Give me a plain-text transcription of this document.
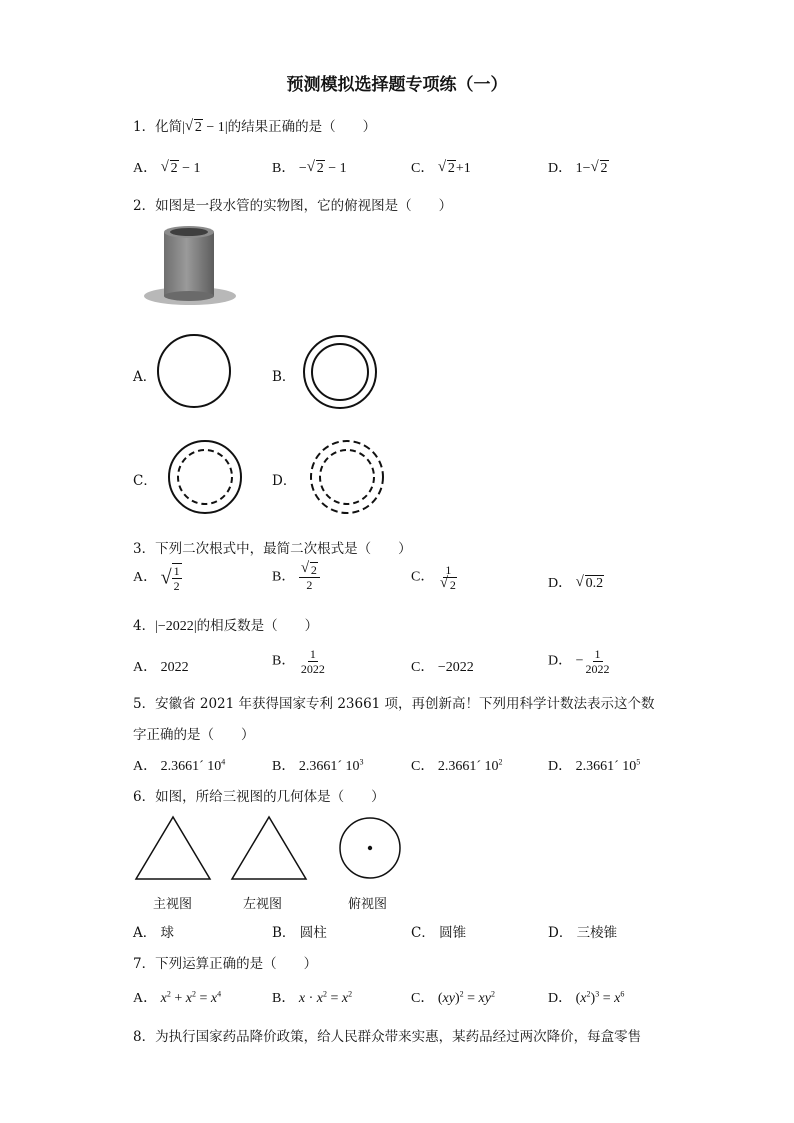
预测模拟选择题专项练（一）
1．化简| √ 2 − 1|的结果正确的是（　　）
A． √ 2 − 1	B． − √ 2 − 1	C． √ 2+1	D． 1− √ 2
2．如图是一段水管的实物图，它的俯视图是（　　）
A．	B．
C．	D．
3．下列二次根式中，最简二次根式是（　　）
A． √ $\frac{1}{2}$	B． √ $\frac{2}{2}$	C． 1
√ 2	D． √ 0.2
4．|−2022|的相反数是（　　）
A． 2022	B． $\frac{1}{2022}$	C． −2022	D． − $\frac{1}{2022}$
5．安徽省 2021 年获得国家专利 23661 项，再创新高！下列用科学计数法表示这个数
字正确的是（　　）
A． 2.3661´ $10^4$	B． 2.3661´ $10^3$	C． 2.3661´ $10^2$	D． 2.3661´ $10^5$
6．如图，所给三视图的几何体是（　　）
主视图	左视图	俯视图
A． 球	B． 圆柱	C． 圆锥	D． 三棱锥
7．下列运算正确的是（　　）
A． $x^2 + x^2 = x^4$	B． $x \cdot x^2 = x^2$	C． $(xy)^2 = xy^2$	D． $(x^2)^3 = x^6$
8．为执行国家药品降价政策，给人民群众带来实惠，某药品经过两次降价，每盒零售
